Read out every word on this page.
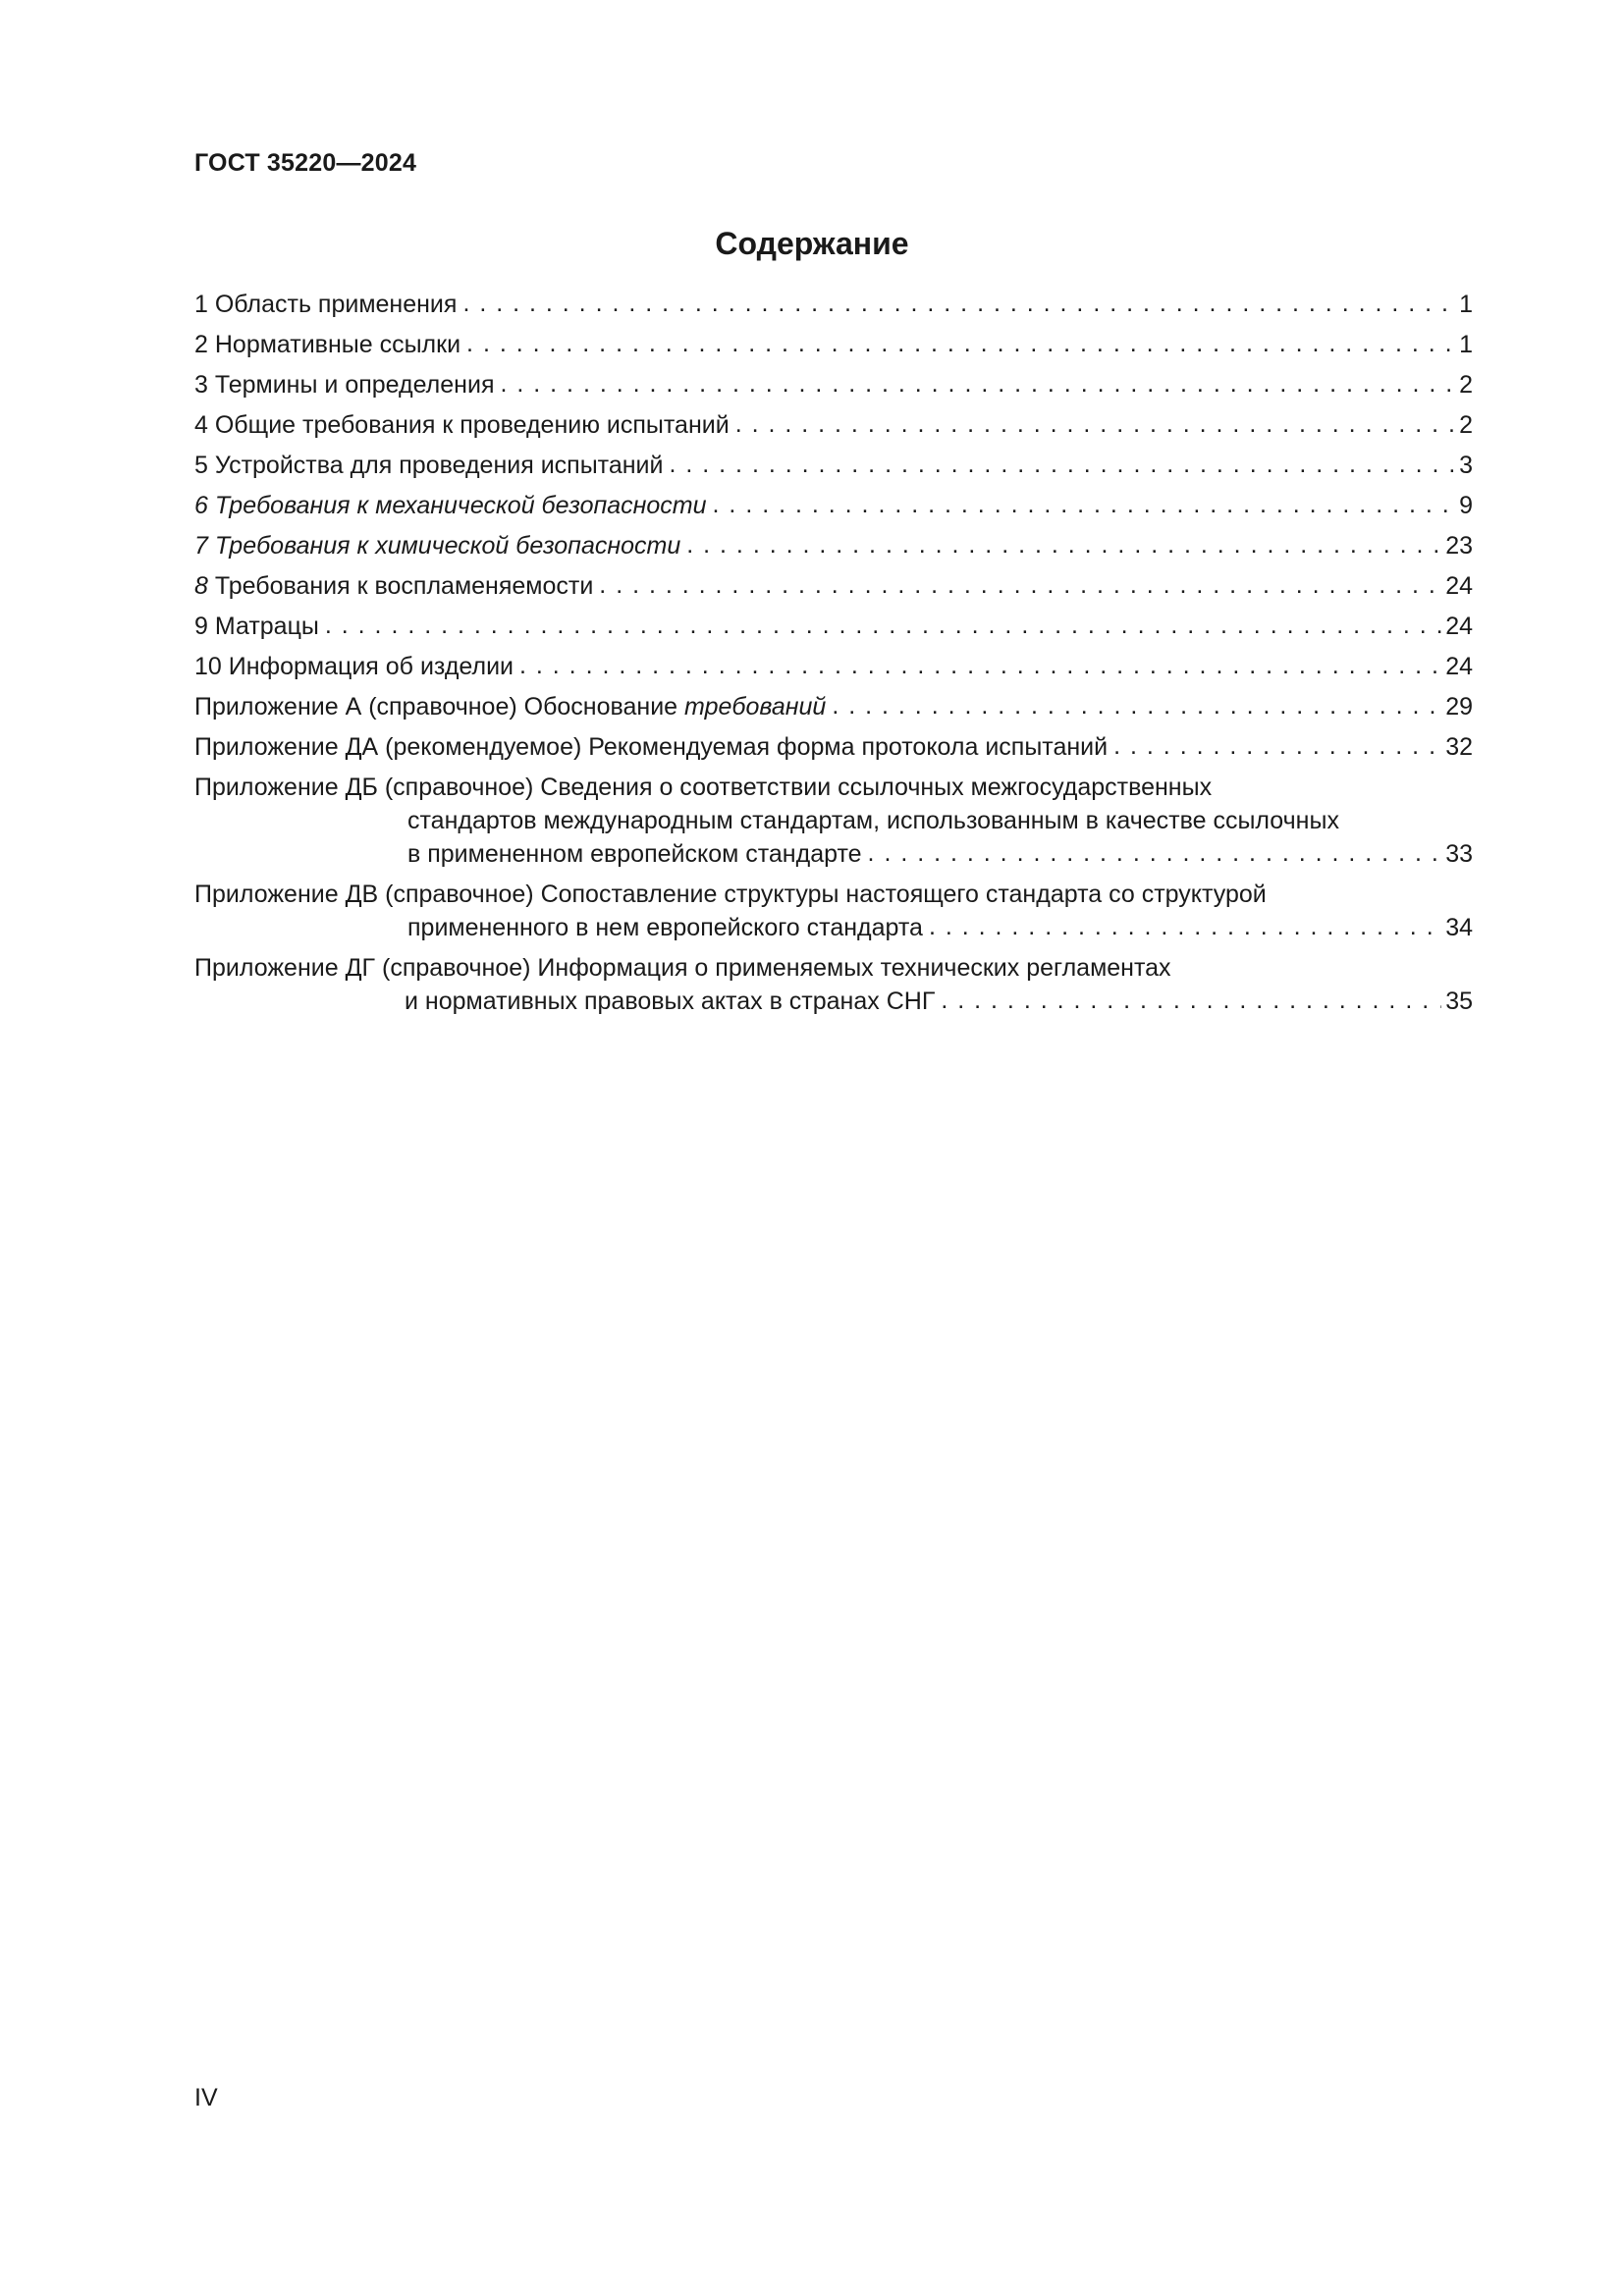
ГОСТ 35220—2024
Содержание
1 Область применения . . .	1
2 Нормативные ссылки . . .	1
3 Термины и определения . . .	2
4 Общие требования к проведению испытаний . . .	2
5 Устройства для проведения испытаний . . .	3
6 Требования к механической безопасности . . .	9
7 Требования к химической безопасности . . .	23
8 Требования к воспламеняемости . . .	24
9 Матрацы . . .	24
10 Информация об изделии . . .	24
Приложение А (справочное) Обоснование требований . . .	29
Приложение ДА (рекомендуемое) Рекомендуемая форма протокола испытаний . . .	32
Приложение ДБ (справочное) Сведения о соответствии ссылочных межгосударственных
стандартов международным стандартам, использованным в качестве ссылочных
в примененном европейском стандарте . . .	33
Приложение ДВ (справочное) Сопоставление структуры настоящего стандарта со структурой
примененного в нем европейского стандарта . . .	34
Приложение ДГ (справочное) Информация о применяемых технических регламентах
и нормативных правовых актах в странах СНГ . . .	35
IV
